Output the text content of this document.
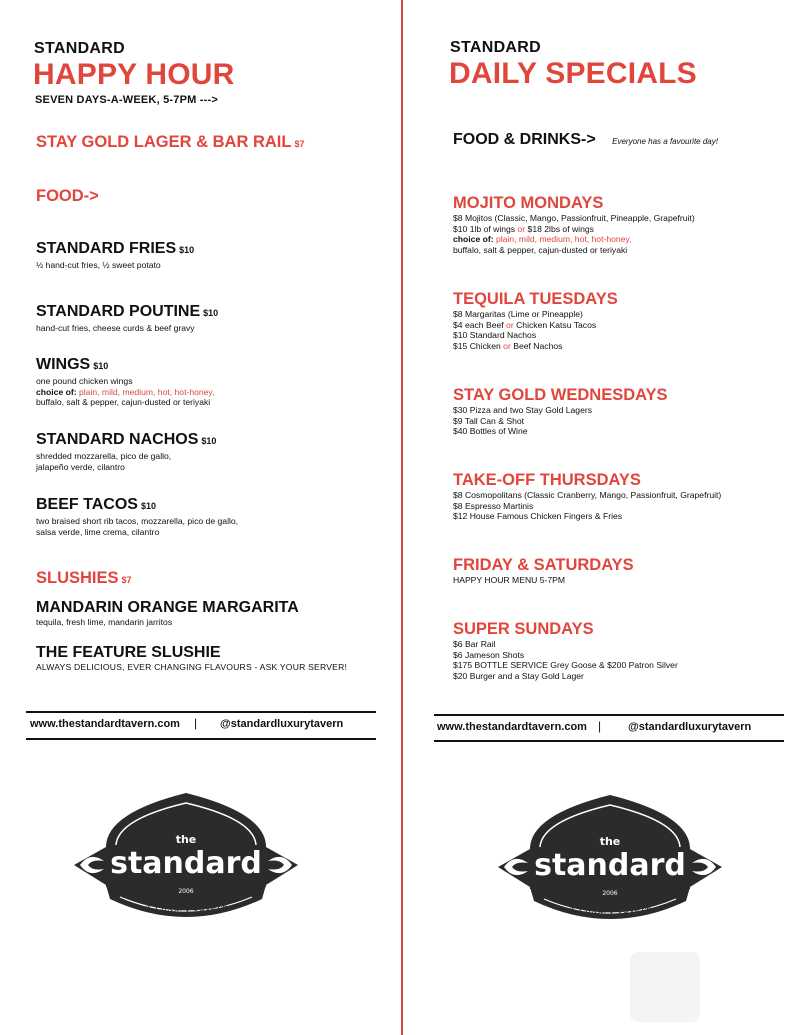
STANDARD
HAPPY HOUR
SEVEN DAYS-A-WEEK, 5-7PM --->
STAY GOLD LAGER & BAR RAIL $7
FOOD->
STANDARD FRIES $10
½ hand-cut fries, ½ sweet potato
STANDARD POUTINE $10
hand-cut fries, cheese curds & beef gravy
WINGS $10
one pound chicken wings
choice of: plain, mild, medium, hot, hot-honey,
buffalo, salt & pepper, cajun-dusted or teriyaki
STANDARD NACHOS $10
shredded mozzarella, pico de gallo,
jalapeño verde, cilantro
BEEF TACOS $10
two braised short rib tacos, mozzarella, pico de gallo,
salsa verde, lime crema, cilantro
SLUSHIES $7
MANDARIN ORANGE MARGARITA
tequila, fresh lime, mandarin jarritos
THE FEATURE SLUSHIE
ALWAYS DELICIOUS, EVER CHANGING FLAVOURS - ASK YOUR SERVER!
www.thestandardtavern.com | @standardluxurytavern
the
standard
2006
A Luxury Tavern
STANDARD
DAILY SPECIALS
FOOD & DRINKS-> Everyone has a favourite day!
MOJITO MONDAYS
$8 Mojitos (Classic, Mango, Passionfruit, Pineapple, Grapefruit)
$10 1lb of wings or $18 2lbs of wings
choice of: plain, mild, medium, hot, hot-honey,
buffalo, salt & pepper, cajun-dusted or teriyaki
TEQUILA TUESDAYS
$8 Margaritas (Lime or Pineapple)
$4 each Beef or Chicken Katsu Tacos
$10 Standard Nachos
$15 Chicken or Beef Nachos
STAY GOLD WEDNESDAYS
$30 Pizza and two Stay Gold Lagers
$9 Tall Can & Shot
$40 Bottles of Wine
TAKE-OFF THURSDAYS
$8 Cosmopolitans (Classic Cranberry, Mango, Passionfruit, Grapefruit)
$8 Espresso Martinis
$12 House Famous Chicken Fingers & Fries
FRIDAY & SATURDAYS
HAPPY HOUR MENU 5-7PM
SUPER SUNDAYS
$6 Bar Rail
$6 Jameson Shots
$175 BOTTLE SERVICE Grey Goose & $200 Patron Silver
$20 Burger and a Stay Gold Lager
www.thestandardtavern.com | @standardluxurytavern
the
standard
2006
A Luxury Tavern
